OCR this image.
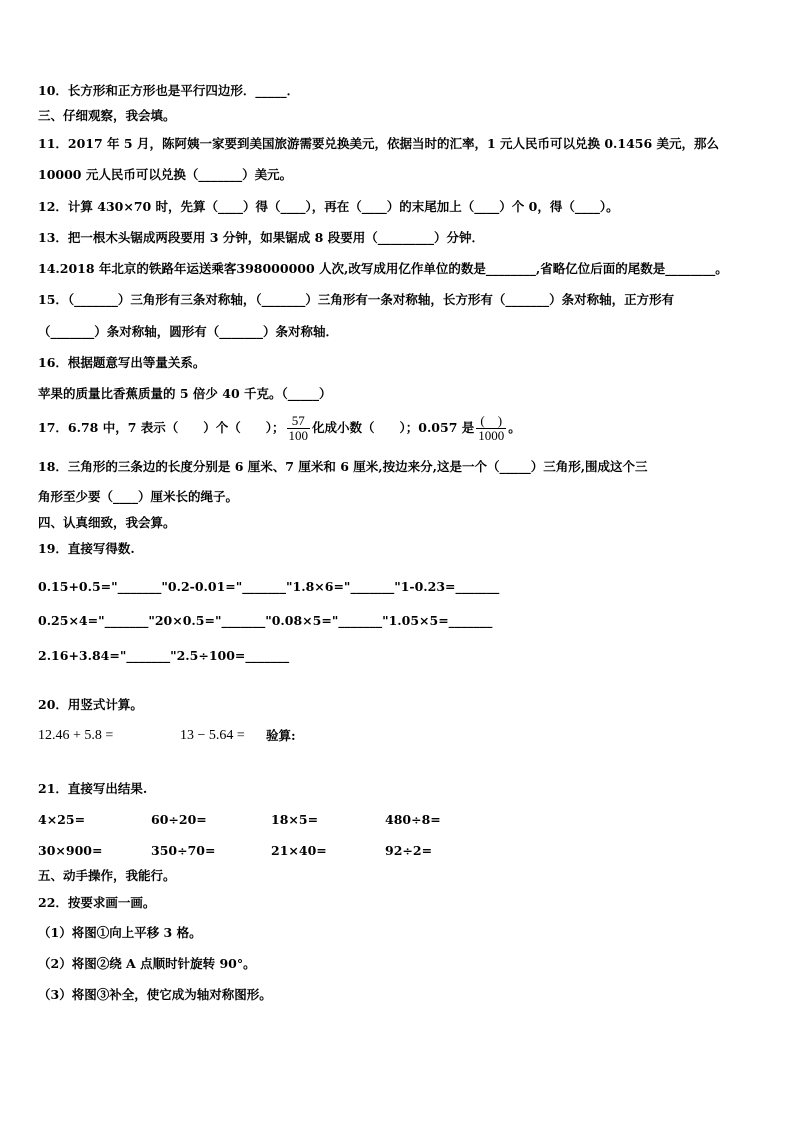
10．长方形和正方形也是平行四边形．_____．
三、仔细观察，我会填。
11．2017 年 5 月，陈阿姨一家要到美国旅游需要兑换美元，依据当时的汇率，1 元人民币可以兑换 0.1456 美元，那么
10000 元人民币可以兑换（_______）美元。
12．计算 430×70 时，先算（____）得（____），再在（____）的末尾加上（____）个 0，得（____）。
13．把一根木头锯成两段要用 3 分钟，如果锯成 8 段要用（_________）分钟．
14.2018 年北京的铁路年运送乘客398000000 人次,改写成用亿作单位的数是________,省略亿位后面的尾数是________。
15．（_______）三角形有三条对称轴，（_______）三角形有一条对称轴，长方形有（_______）条对称轴，正方形有
（_______）条对称轴，圆形有（_______）条对称轴．
16．根据题意写出等量关系。
苹果的质量比香蕉质量的 5 倍少 40 千克。（_____）
17．6.78 中，7 表示（　　）个（　　）； $\frac{57}{100}$ 化成小数（　　）；0.057 是 $\frac{( )}{1000}$ 。
18．三角形的三条边的长度分别是 6 厘米、7 厘米和 6 厘米,按边来分,这是一个（_____）三角形,围成这个三
角形至少要（____）厘米长的绳子。
四、认真细致，我会算。
19．直接写得数.
0.15+0.5="_______"0.2-0.01="_______"1.8×6="_______"1-0.23=_______
0.25×4="_______"20×0.5="_______"0.08×5="_______"1.05×5=_______
2.16+3.84="_______"2.5÷100=_______
20．用竖式计算。
12.46 + 5.8 =	13 − 5.64 = 验算:
21．直接写出结果.
4×25=	60÷20=	18×5=	480÷8=
30×900=	350÷70=	21×40=	92÷2=
五、动手操作，我能行。
22．按要求画一画。
（1）将图①向上平移 3 格。
（2）将图②绕 A 点顺时针旋转 90°。
（3）将图③补全，使它成为轴对称图形。
